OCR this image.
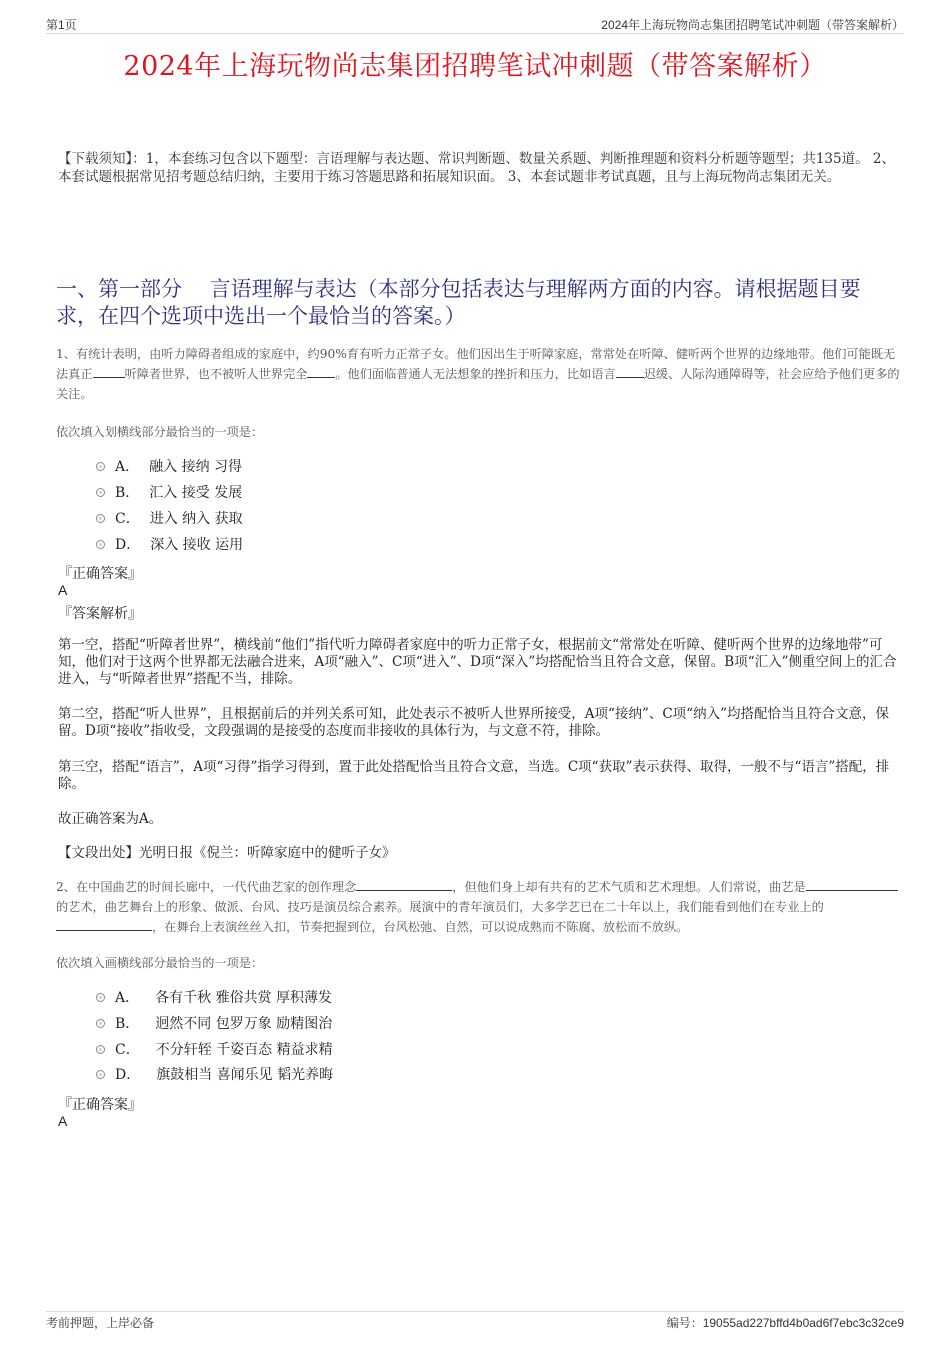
第1页	2024年上海玩物尚志集团招聘笔试冲刺题（带答案解析）
2024年上海玩物尚志集团招聘笔试冲刺题（带答案解析）
【下载须知】：1，本套练习包含以下题型：言语理解与表达题、常识判断题、数量关系题、判断推理题和资料分析题等题型；共135道。 2、本套试题根据常见招考题总结归纳，主要用于练习答题思路和拓展知识面。 3、本套试题非考试真题，且与上海玩物尚志集团无关。
一、第一部分　 言语理解与表达（本部分包括表达与理解两方面的内容。请根据题目要求，在四个选项中选出一个最恰当的答案。）
1、有统计表明，由听力障碍者组成的家庭中，约90%育有听力正常子女。他们因出生于听障家庭，常常处在听障、健听两个世界的边缘地带。他们可能既无法真正	听障者世界，也不被听人世界完全 。他们面临普通人无法想象的挫折和压力，比如语言 迟缓、人际沟通障碍等，社会应给予他们更多的关注。
依次填入划横线部分最恰当的一项是：
A． 融入 接纳 习得
B． 汇入 接受 发展
C． 进入 纳入 获取
D． 深入 接收 运用
『正确答案』
A
『答案解析』
第一空，搭配“听障者世界”，横线前“他们”指代听力障碍者家庭中的听力正常子女，根据前文“常常处在听障、健听两个世界的边缘地带”可知，他们对于这两个世界都无法融合进来，A项“融入”、C项“进入”、D项“深入”均搭配恰当且符合文意，保留。B项“汇入”侧重空间上的汇合进入，与“听障者世界”搭配不当，排除。
第二空，搭配“听人世界”，且根据前后的并列关系可知，此处表示不被听人世界所接受，A项“接纳”、C项“纳入”均搭配恰当且符合文意，保留。D项“接收”指收受，文段强调的是接受的态度而非接收的具体行为，与文意不符，排除。
第三空，搭配“语言”，A项“习得”指学习得到，置于此处搭配恰当且符合文意，当选。C项“获取”表示获得、取得，一般不与“语言”搭配，排除。
故正确答案为A。
【文段出处】光明日报《倪兰：听障家庭中的健听子女》
2、在中国曲艺的时间长廊中，一代代曲艺家的创作理念	，但他们身上却有共有的艺术气质和艺术理想。人们常说，曲艺是的艺术，曲艺舞台上的形象、做派、台风、技巧是演员综合素养。展演中的青年演员们，大多学艺已在二十年以上，我们能看到他们在专业上的，在舞台上表演丝丝入扣，节奏把握到位，台风松弛、自然，可以说成熟而不陈腐、放松而不放纵。
依次填入画横线部分最恰当的一项是：
A． 各有千秋 雅俗共赏 厚积薄发
B． 迥然不同 包罗万象 励精图治
C． 不分轩轾 千姿百态 精益求精
D． 旗鼓相当 喜闻乐见 韬光养晦
『正确答案』
A
考前押题，上岸必备	编号：19055ad227bffd4b0ad6f7ebc3c32ce9
